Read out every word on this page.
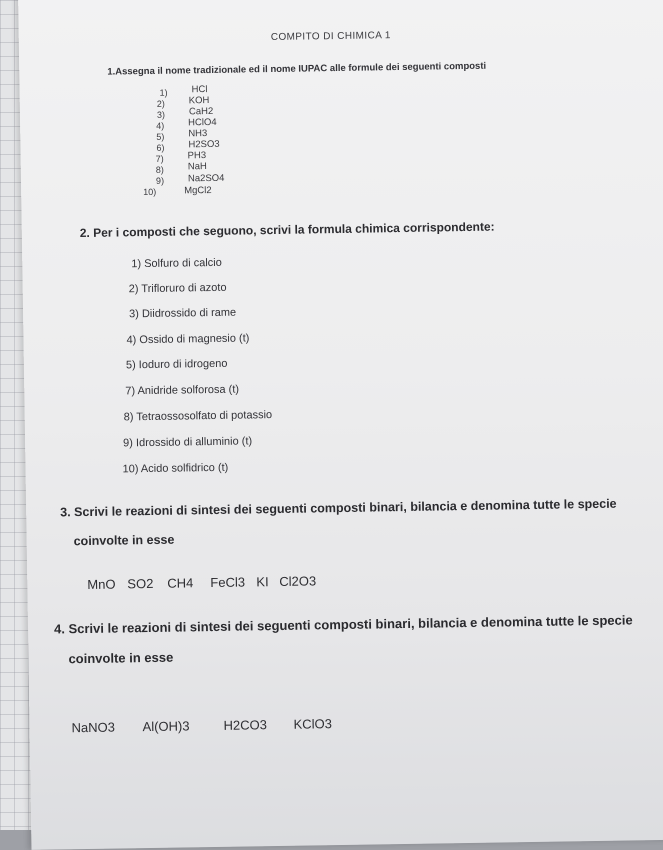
COMPITO DI CHIMICA 1
1.Assegna il nome tradizionale ed il nome IUPAC alle formule dei seguenti composti
1)	HCl
2)	KOH
3)	CaH2
4)	HClO4
5)	NH3
6)	H2SO3
7)	PH3
8)	NaH
9)	Na2SO4
10)	MgCl2
2. Per i composti che seguono, scrivi la formula chimica corrispondente:
1) Solfuro di calcio
2) Trifloruro di azoto
3) Diidrossido di rame
4) Ossido di magnesio (t)
5) Ioduro di idrogeno
7) Anidride solforosa (t)
8) Tetraossosolfato di potassio
9) Idrossido di alluminio (t)
10) Acido solfidrico (t)
3. Scrivi le reazioni di sintesi dei seguenti composti binari, bilancia e denomina tutte le specie
coinvolte in esse
MnO SO2 CH4 FeCl3 KI Cl2O3
4. Scrivi le reazioni di sintesi dei seguenti composti binari, bilancia e denomina tutte le specie
coinvolte in esse
NaNO3 Al(OH)3	H2CO3 KClO3
